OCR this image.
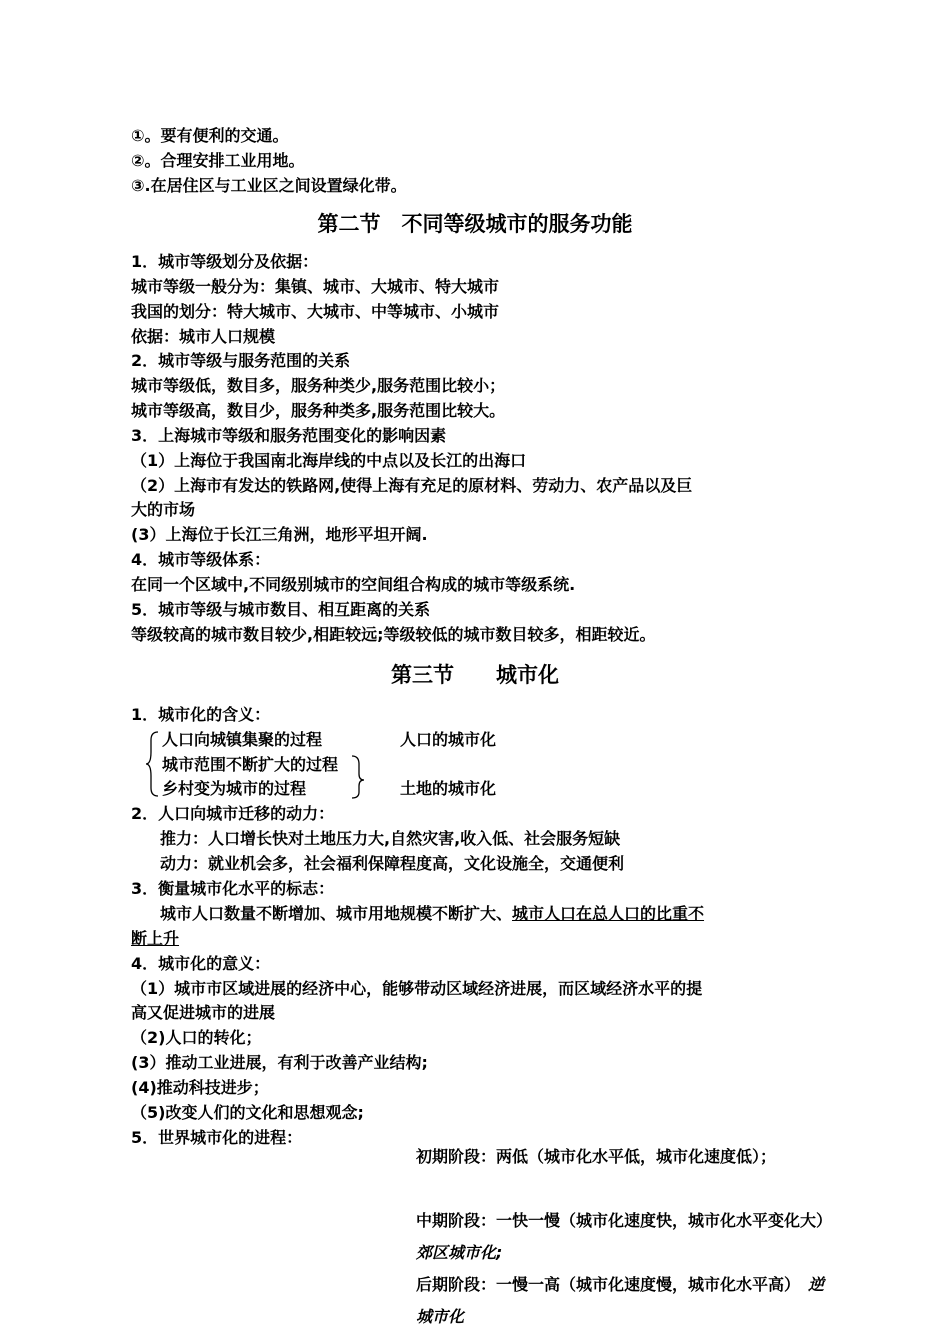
①。要有便利的交通。
②。合理安排工业用地。
③.在居住区与工业区之间设置绿化带。
第二节　不同等级城市的服务功能
1．城市等级划分及依据：
城市等级一般分为：集镇、城市、大城市、特大城市
我国的划分：特大城市、大城市、中等城市、小城市
依据：城市人口规模
2．城市等级与服务范围的关系
城市等级低，数目多，服务种类少,服务范围比较小；
城市等级高，数目少，服务种类多,服务范围比较大。
3．上海城市等级和服务范围变化的影响因素
（1）上海位于我国南北海岸线的中点以及长江的出海口
（2）上海市有发达的铁路网,使得上海有充足的原材料、劳动力、农产品以及巨
大的市场
(3）上海位于长江三角洲，地形平坦开阔.
4．城市等级体系：
在同一个区域中,不同级别城市的空间组合构成的城市等级系统.
5．城市等级与城市数目、相互距离的关系
等级较高的城市数目较少,相距较远;等级较低的城市数目较多，相距较近。
第三节　　城市化
1．城市化的含义：
人口向城镇集聚的过程	人口的城市化
城市范围不断扩大的过程
乡村变为城市的过程	土地的城市化
2．人口向城市迁移的动力：
推力：人口增长快对土地压力大,自然灾害,收入低、社会服务短缺
动力：就业机会多，社会福利保障程度高，文化设施全，交通便利
3．衡量城市化水平的标志：
城市人口数量不断增加、城市用地规模不断扩大、城市人口在总人口的比重不
断上升
4．城市化的意义：
（1）城市市区域进展的经济中心，能够带动区域经济进展，而区域经济水平的提
高又促进城市的进展
（2)人口的转化；
(3）推动工业进展，有利于改善产业结构;
(4)推动科技进步；
（5)改变人们的文化和思想观念;
5．世界城市化的进程：
初期阶段：两低（城市化水平低，城市化速度低）；
中期阶段：一快一慢（城市化速度快，城市化水平变化大）　郊区城市化;
后期阶段：一慢一高（城市化速度慢，城市化水平高）　 逆城市化
